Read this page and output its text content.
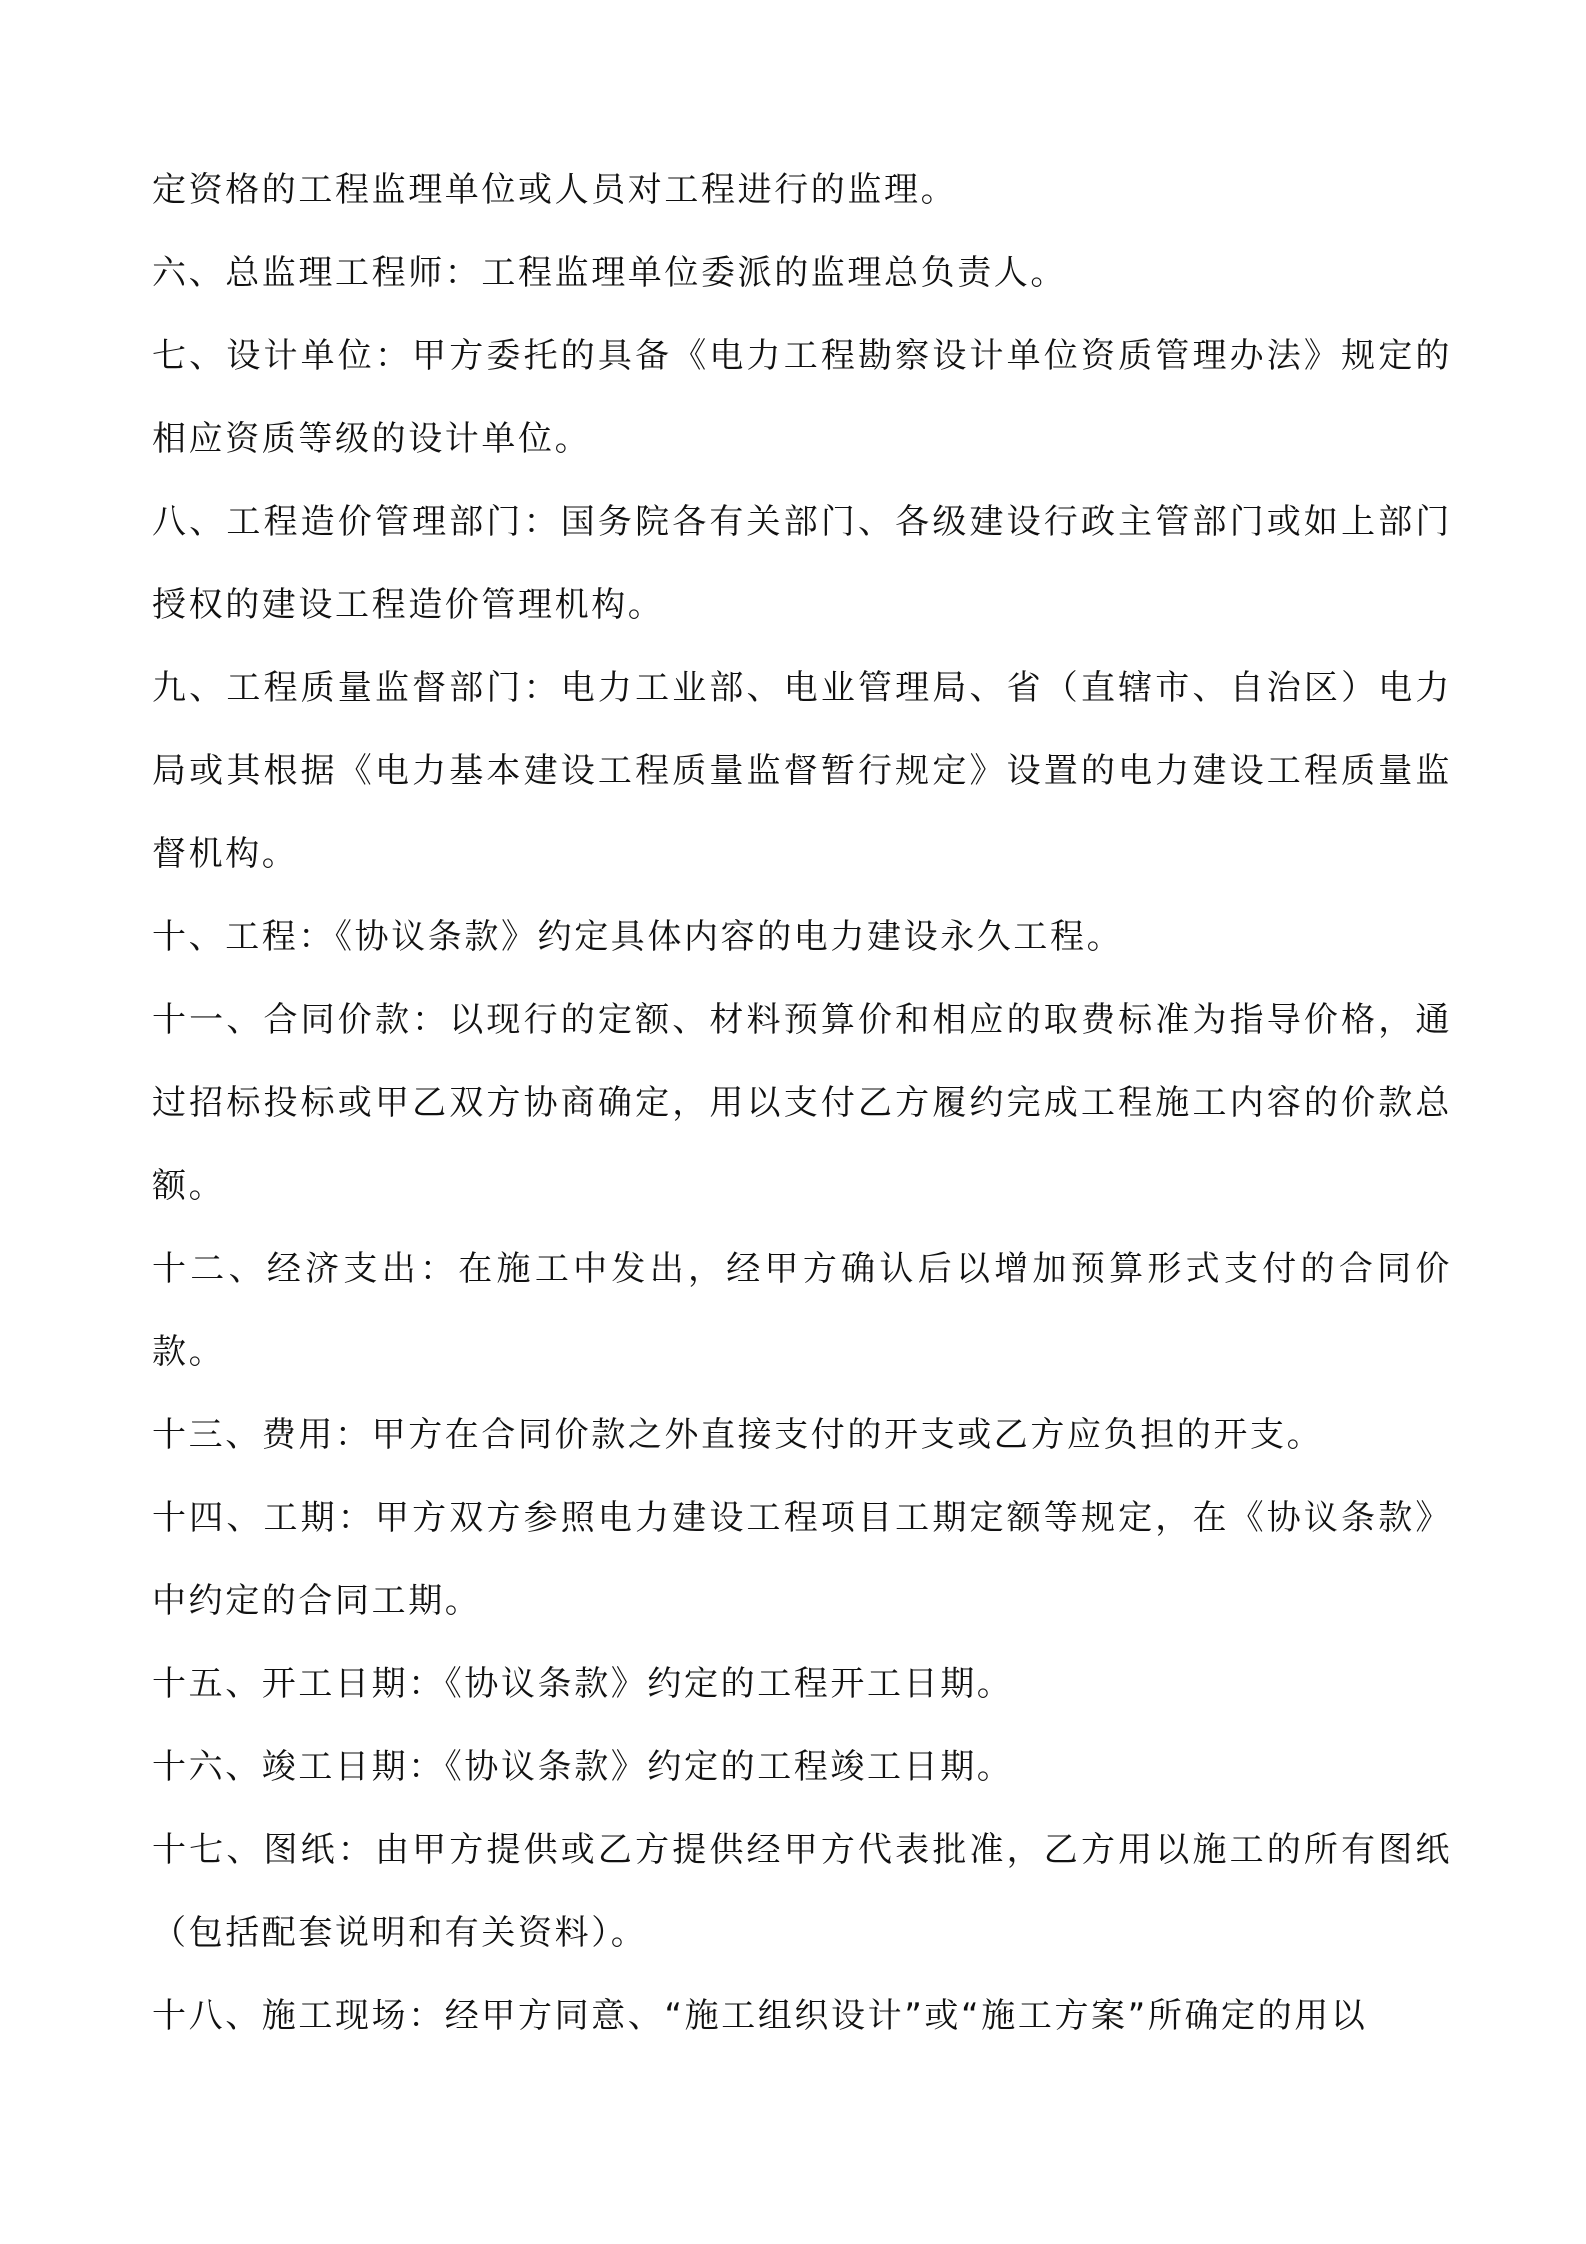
定资格的工程监理单位或人员对工程进行的监理。

六、总监理工程师：工程监理单位委派的监理总负责人。

七、设计单位：甲方委托的具备《电力工程勘察设计单位资质管理办法》规定的相应资质等级的设计单位。

八、工程造价管理部门：国务院各有关部门、各级建设行政主管部门或如上部门授权的建设工程造价管理机构。

九、工程质量监督部门：电力工业部、电业管理局、省（直辖市、自治区）电力局或其根据《电力基本建设工程质量监督暂行规定》设置的电力建设工程质量监督机构。

十、工程：《协议条款》约定具体内容的电力建设永久工程。

十一、合同价款：以现行的定额、材料预算价和相应的取费标准为指导价格，通过招标投标或甲乙双方协商确定，用以支付乙方履约完成工程施工内容的价款总额。

十二、经济支出：在施工中发出，经甲方确认后以增加预算形式支付的合同价款。

十三、费用：甲方在合同价款之外直接支付的开支或乙方应负担的开支。

十四、工期：甲方双方参照电力建设工程项目工期定额等规定，在《协议条款》中约定的合同工期。

十五、开工日期：《协议条款》约定的工程开工日期。

十六、竣工日期：《协议条款》约定的工程竣工日期。

十七、图纸：由甲方提供或乙方提供经甲方代表批准，乙方用以施工的所有图纸（包括配套说明和有关资料）。

十八、施工现场：经甲方同意、“施工组织设计”或“施工方案”所确定的用以
